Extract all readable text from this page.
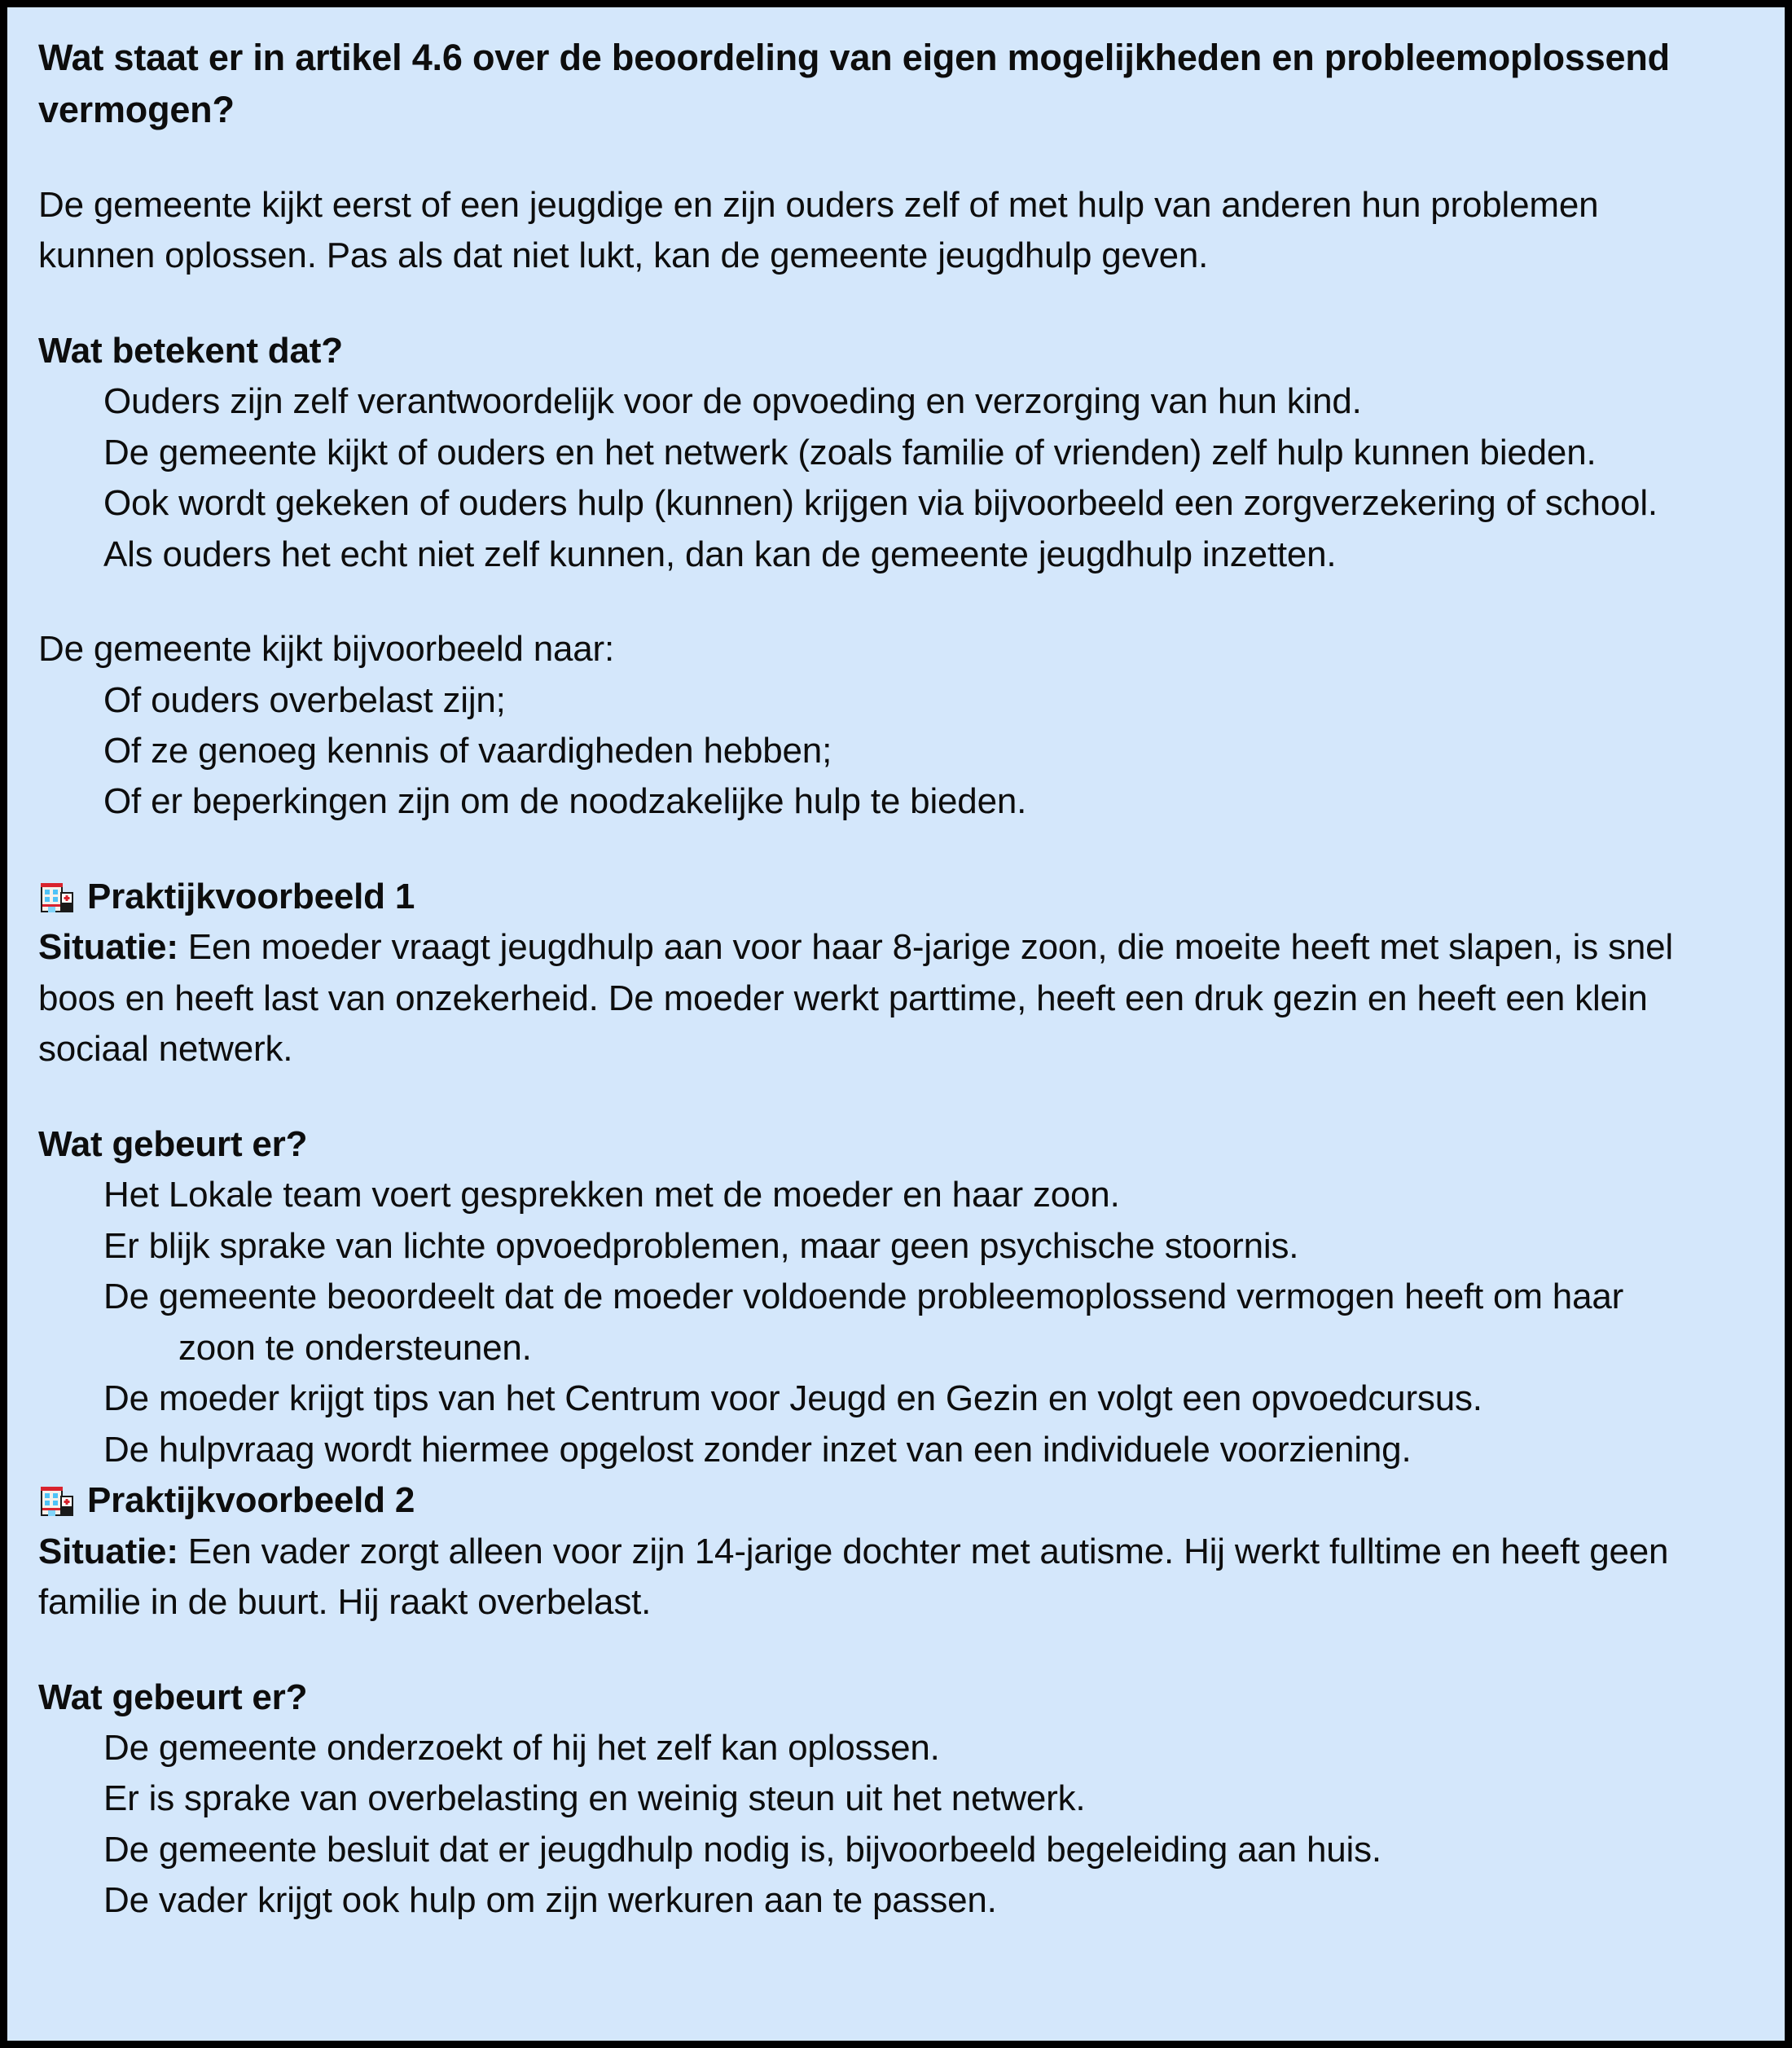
Wat staat er in artikel 4.6 over de beoordeling van eigen mogelijkheden en probleemoplossend vermogen?

De gemeente kijkt eerst of een jeugdige en zijn ouders zelf of met hulp van anderen hun problemen kunnen oplossen. Pas als dat niet lukt, kan de gemeente jeugdhulp geven.

Wat betekent dat?
Ouders zijn zelf verantwoordelijk voor de opvoeding en verzorging van hun kind.
De gemeente kijkt of ouders en het netwerk (zoals familie of vrienden) zelf hulp kunnen bieden.
Ook wordt gekeken of ouders hulp (kunnen) krijgen via bijvoorbeeld een zorgverzekering of school.
Als ouders het echt niet zelf kunnen, dan kan de gemeente jeugdhulp inzetten.

De gemeente kijkt bijvoorbeeld naar:

Of ouders overbelast zijn;
Of ze genoeg kennis of vaardigheden hebben;
Of er beperkingen zijn om de noodzakelijke hulp te bieden.
Praktijkvoorbeeld 1

Situatie: Een moeder vraagt jeugdhulp aan voor haar 8-jarige zoon, die moeite heeft met slapen, is snel boos en heeft last van onzekerheid. De moeder werkt parttime, heeft een druk gezin en heeft een klein sociaal netwerk.

Wat gebeurt er?
Het Lokale team voert gesprekken met de moeder en haar zoon.
Er blijk sprake van lichte opvoedproblemen, maar geen psychische stoornis.
De gemeente beoordeelt dat de moeder voldoende probleemoplossend vermogen heeft om haar
zoon te ondersteunen.
De moeder krijgt tips van het Centrum voor Jeugd en Gezin en volgt een opvoedcursus.
De hulpvraag wordt hiermee opgelost zonder inzet van een individuele voorziening.
Praktijkvoorbeeld 2

Situatie: Een vader zorgt alleen voor zijn 14-jarige dochter met autisme. Hij werkt fulltime en heeft geen familie in de buurt. Hij raakt overbelast.

Wat gebeurt er?
De gemeente onderzoekt of hij het zelf kan oplossen.
Er is sprake van overbelasting en weinig steun uit het netwerk.
De gemeente besluit dat er jeugdhulp nodig is, bijvoorbeeld begeleiding aan huis.
De vader krijgt ook hulp om zijn werkuren aan te passen.
